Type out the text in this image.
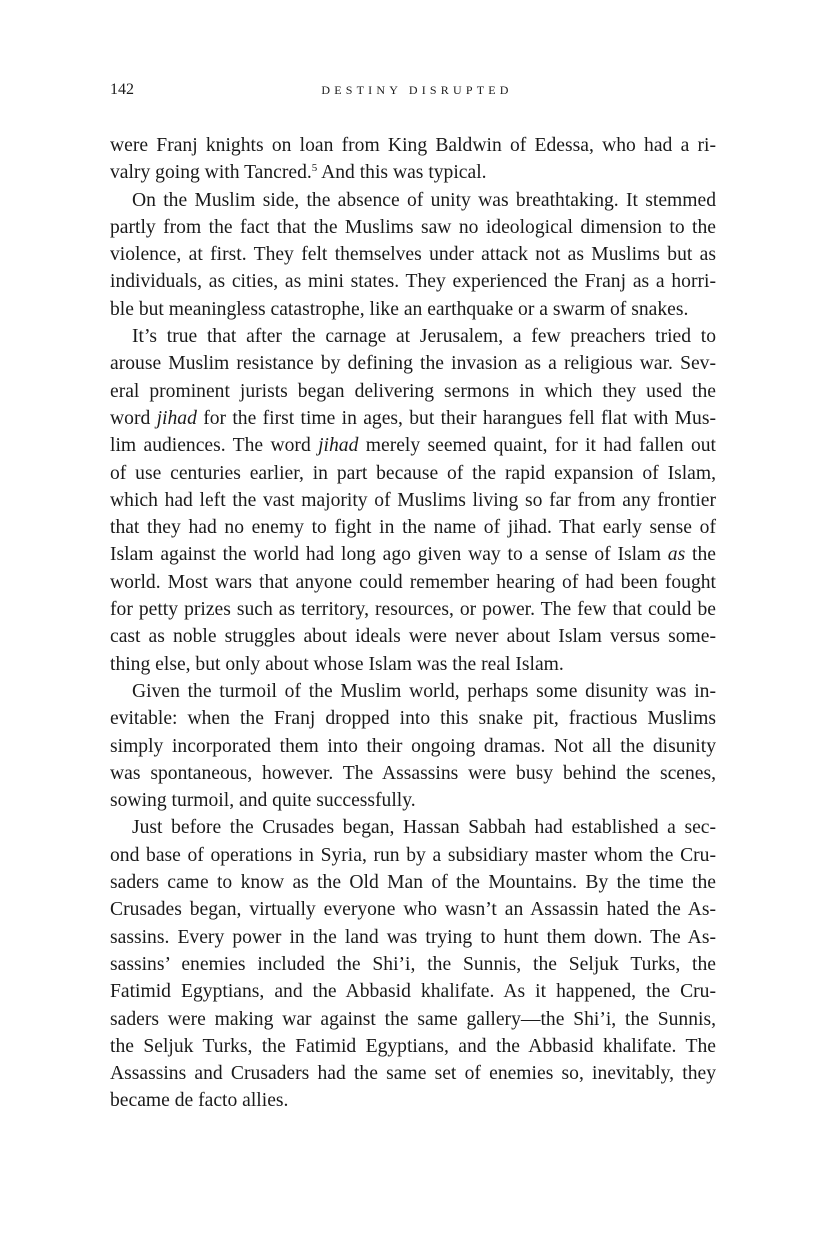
142	DESTINY DISRUPTED
were Franj knights on loan from King Baldwin of Edessa, who had a ri-
valry going with Tancred.$^5$ And this was typical.
On the Muslim side, the absence of unity was breathtaking. It stemmed
partly from the fact that the Muslims saw no ideological dimension to the
violence, at first. They felt themselves under attack not as Muslims but as
individuals, as cities, as mini states. They experienced the Franj as a horri-
ble but meaningless catastrophe, like an earthquake or a swarm of snakes.
It’s true that after the carnage at Jerusalem, a few preachers tried to
arouse Muslim resistance by defining the invasion as a religious war. Sev-
eral prominent jurists began delivering sermons in which they used the
word jihad for the first time in ages, but their harangues fell flat with Mus-
lim audiences. The word jihad merely seemed quaint, for it had fallen out
of use centuries earlier, in part because of the rapid expansion of Islam,
which had left the vast majority of Muslims living so far from any frontier
that they had no enemy to fight in the name of jihad. That early sense of
Islam against the world had long ago given way to a sense of Islam as the
world. Most wars that anyone could remember hearing of had been fought
for petty prizes such as territory, resources, or power. The few that could be
cast as noble struggles about ideals were never about Islam versus some-
thing else, but only about whose Islam was the real Islam.
Given the turmoil of the Muslim world, perhaps some disunity was in-
evitable: when the Franj dropped into this snake pit, fractious Muslims
simply incorporated them into their ongoing dramas. Not all the disunity
was spontaneous, however. The Assassins were busy behind the scenes,
sowing turmoil, and quite successfully.
Just before the Crusades began, Hassan Sabbah had established a sec-
ond base of operations in Syria, run by a subsidiary master whom the Cru-
saders came to know as the Old Man of the Mountains. By the time the
Crusades began, virtually everyone who wasn’t an Assassin hated the As-
sassins. Every power in the land was trying to hunt them down. The As-
sassins’ enemies included the Shi’i, the Sunnis, the Seljuk Turks, the
Fatimid Egyptians, and the Abbasid khalifate. As it happened, the Cru-
saders were making war against the same gallery—the Shi’i, the Sunnis,
the Seljuk Turks, the Fatimid Egyptians, and the Abbasid khalifate. The
Assassins and Crusaders had the same set of enemies so, inevitably, they
became de facto allies.
